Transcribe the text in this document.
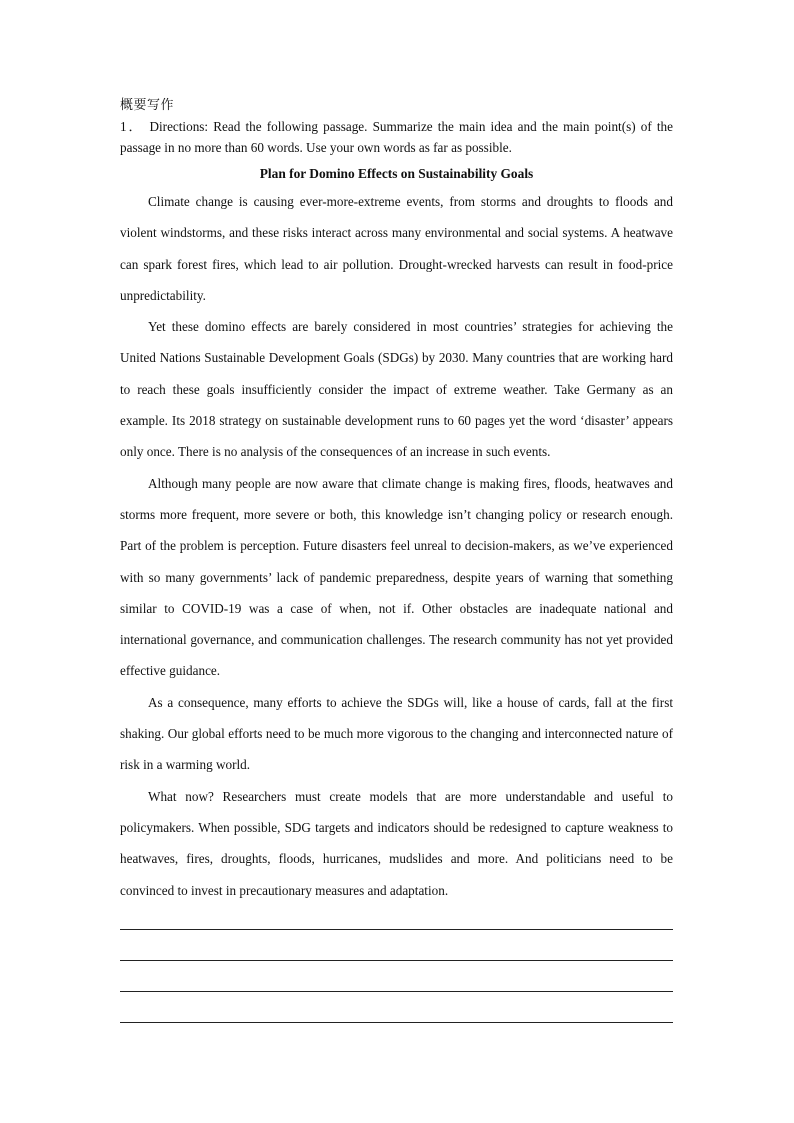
概要写作

1． Directions: Read the following passage. Summarize the main idea and the main point(s) of the passage in no more than 60 words. Use your own words as far as possible.

Plan for Domino Effects on Sustainability Goals

Climate change is causing ever-more-extreme events, from storms and droughts to floods and violent windstorms, and these risks interact across many environmental and social systems. A heatwave can spark forest fires, which lead to air pollution. Drought-wrecked harvests can result in food-price unpredictability.

Yet these domino effects are barely considered in most countries’ strategies for achieving the United Nations Sustainable Development Goals (SDGs) by 2030. Many countries that are working hard to reach these goals insufficiently consider the impact of extreme weather. Take Germany as an example. Its 2018 strategy on sustainable development runs to 60 pages yet the word ‘disaster’ appears only once. There is no analysis of the consequences of an increase in such events.

Although many people are now aware that climate change is making fires, floods, heatwaves and storms more frequent, more severe or both, this knowledge isn’t changing policy or research enough. Part of the problem is perception. Future disasters feel unreal to decision-makers, as we’ve experienced with so many governments’ lack of pandemic preparedness, despite years of warning that something similar to COVID-19 was a case of when, not if. Other obstacles are inadequate national and international governance, and communication challenges. The research community has not yet provided effective guidance.

As a consequence, many efforts to achieve the SDGs will, like a house of cards, fall at the first shaking. Our global efforts need to be much more vigorous to the changing and interconnected nature of risk in a warming world.

What now? Researchers must create models that are more understandable and useful to policymakers. When possible, SDG targets and indicators should be redesigned to capture weakness to heatwaves, fires, droughts, floods, hurricanes, mudslides and more. And politicians need to be convinced to invest in precautionary measures and adaptation.
